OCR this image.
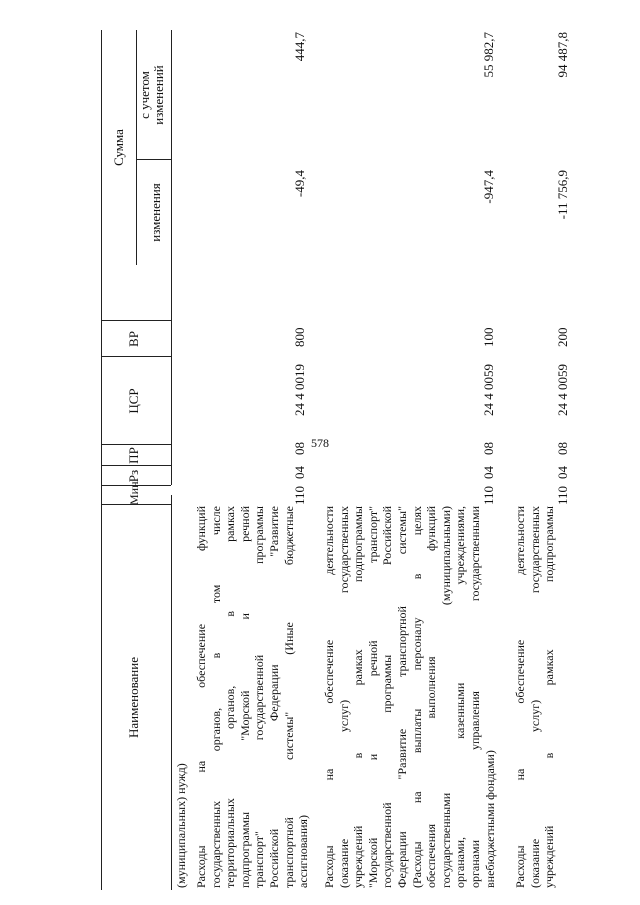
578
Наименование
Мин
Рз
ПР
ЦСР
ВР
Сумма
изменения
с учетом изменений
(муниципальных) нужд) Расходы на обеспечение функций
государственных органов, в том числе
территориальных органов, в рамках
подпрограммы "Морской и речной
транспорт" государственной программы
Российской Федерации "Развитие
транспортной системы" (Иные бюджетные ассигнования)
110
04
08
24 4 0019
800
-49,4
444,7
Расходы на обеспечение деятельности
(оказание услуг) государственных
учреждений в рамках подпрограммы
"Морской и речной транспорт"
государственной программы Российской
Федерации "Развитие транспортной системы"
(Расходы на выплаты персоналу в целях
обеспечения выполнения функций
государственными (муниципальными)
органами, казенными учреждениями,
органами управления государственными внебюджетными фондами)
110
04
08
24 4 0059
100
-947,4
55 982,7
Расходы на обеспечение деятельности
(оказание услуг) государственных
учреждений в рамках подпрограммы
110
04
08
24 4 0059
200
-11 756,9
94 487,8
